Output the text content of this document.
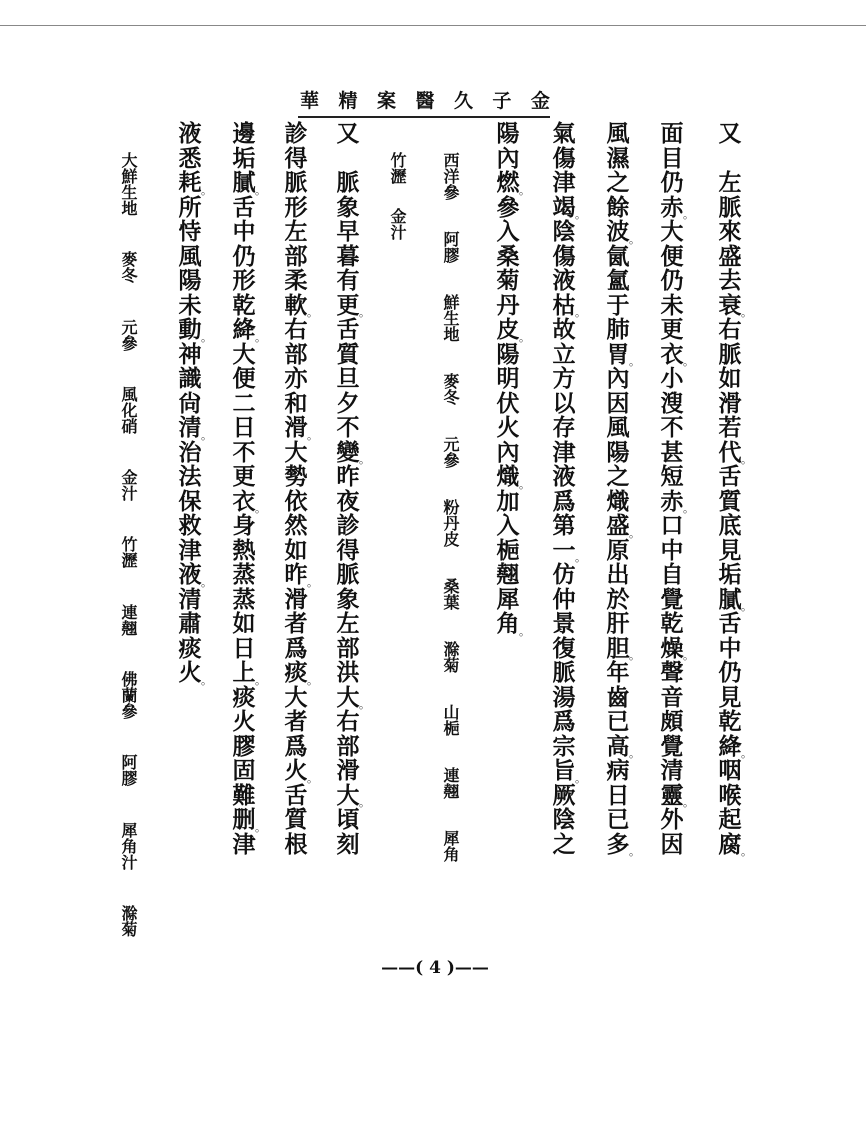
金
子
久
醫
案
精
華
又

左
脈
來
盛
去
衰 。
右
脈
如
滑
若
代 。
舌
質
底
見
垢
膩 。
舌
中
仍
見
乾
絳 。
咽
喉
起
腐 。
面
目
仍
赤 。
大
便
仍
未
更
衣 。
小
溲
不
甚
短
赤 。
口
中
自
覺
乾
燥 。
聲
音
頗
覺
清
靈 。
外
因
風
濕
之
餘
波 。
氤
氳
于
肺
胃 。
內
因
風
陽
之
熾
盛 。
原
出
於
肝
胆 。
年
齒
已
高 。
病
日
已
多 。
氣
傷
津
竭 。
陰
傷
液
枯 。
故
立
方
以
存
津
液
爲
第
一 。
仿
仲
景
復
脈
湯
爲
宗
旨 。
厥
陰
之
陽
內
燃 。
參
入
桑
菊
丹
皮 。
陽
明
伏
火
內
熾 。
加
入
梔
翹
犀
角 。
西洋參
阿膠
鮮生地
麥冬
元參
粉丹皮
桑葉
滁菊
山梔
連翹
犀角
竹瀝
金汁
又

脈
象
早
暮
有
更 。
舌
質
旦
夕
不
變 。
昨
夜
診
得
脈
象
左
部
洪
大 。
右
部
滑
大 。
頃
刻
診
得
脈
形
左
部
柔
軟 。
右
部
亦
和
滑 。
大
勢
依
然
如
昨 。
滑
者
爲
痰 。
大
者
爲
火 。
舌
質
根
邊
垢
膩 。
舌
中
仍
形
乾
絳 。
大
便
二
日
不
更
衣 。
身
熱
蒸
蒸
如
日
上 。
痰
火
膠
固
難
删 。
津
液
悉
耗 。
所
恃
風
陽
未
動 。
神
識
尙
清 。
治
法
保
救
津
液 。
清
肅
痰
火 。
大鮮生地
麥冬
元參
風化硝
金汁
竹瀝
連翹
佛蘭參
阿膠
犀角汁
滁菊
——( 4 )——
